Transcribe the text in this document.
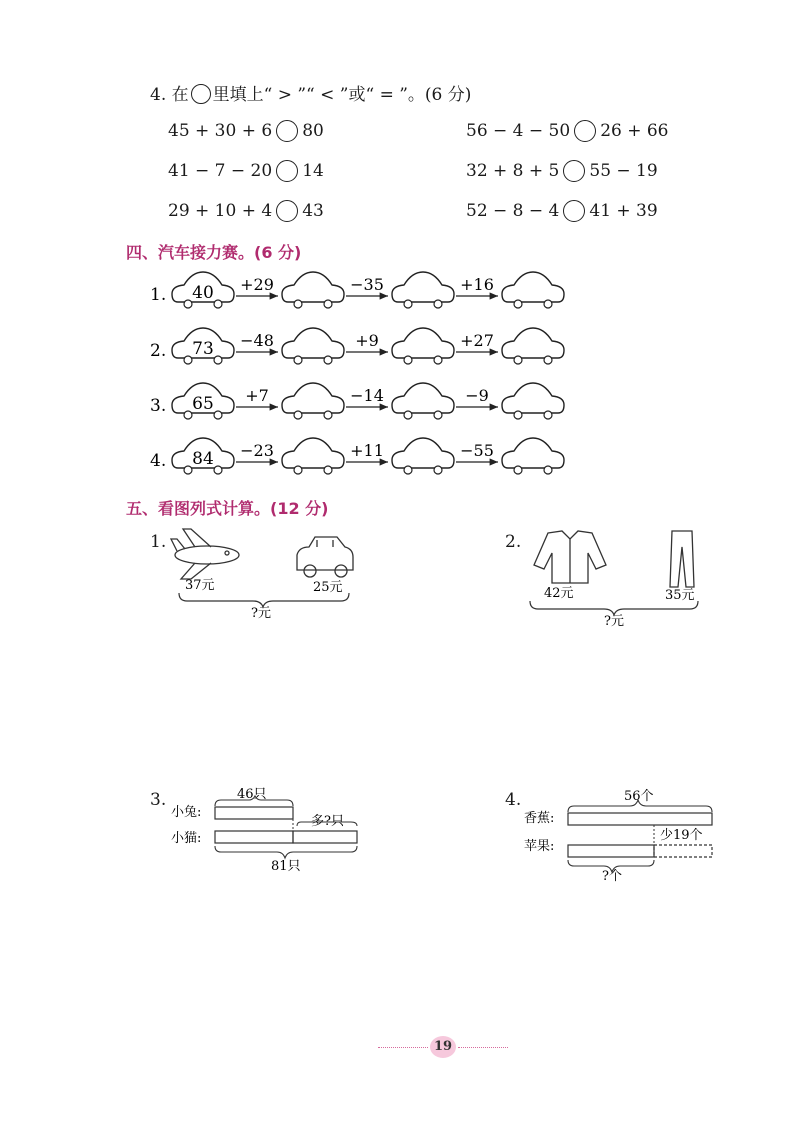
4. 在 里填上“ > ”“ < ”或“ = ”。(6 分)
45 + 30 + 6 80
41 − 7 − 20 14
29 + 10 + 4 43
56 − 4 − 50 26 + 66
32 + 8 + 5 55 − 19
52 − 8 − 4 41 + 39
四、汽车接力赛。(6 分)
1. 40 +29	−35	+16
2. 73 −48	+9	+27
3. 65 +7	−14	−9
4. 84 −23	+11	−55
五、看图列式计算。(12 分)
1.
37元	25元
?元
2.
42元	35元
?元
3.
小兔:
小猫:
46只
多?只
81只
4.
香蕉:
苹果:
56个
少19个
?个
19
